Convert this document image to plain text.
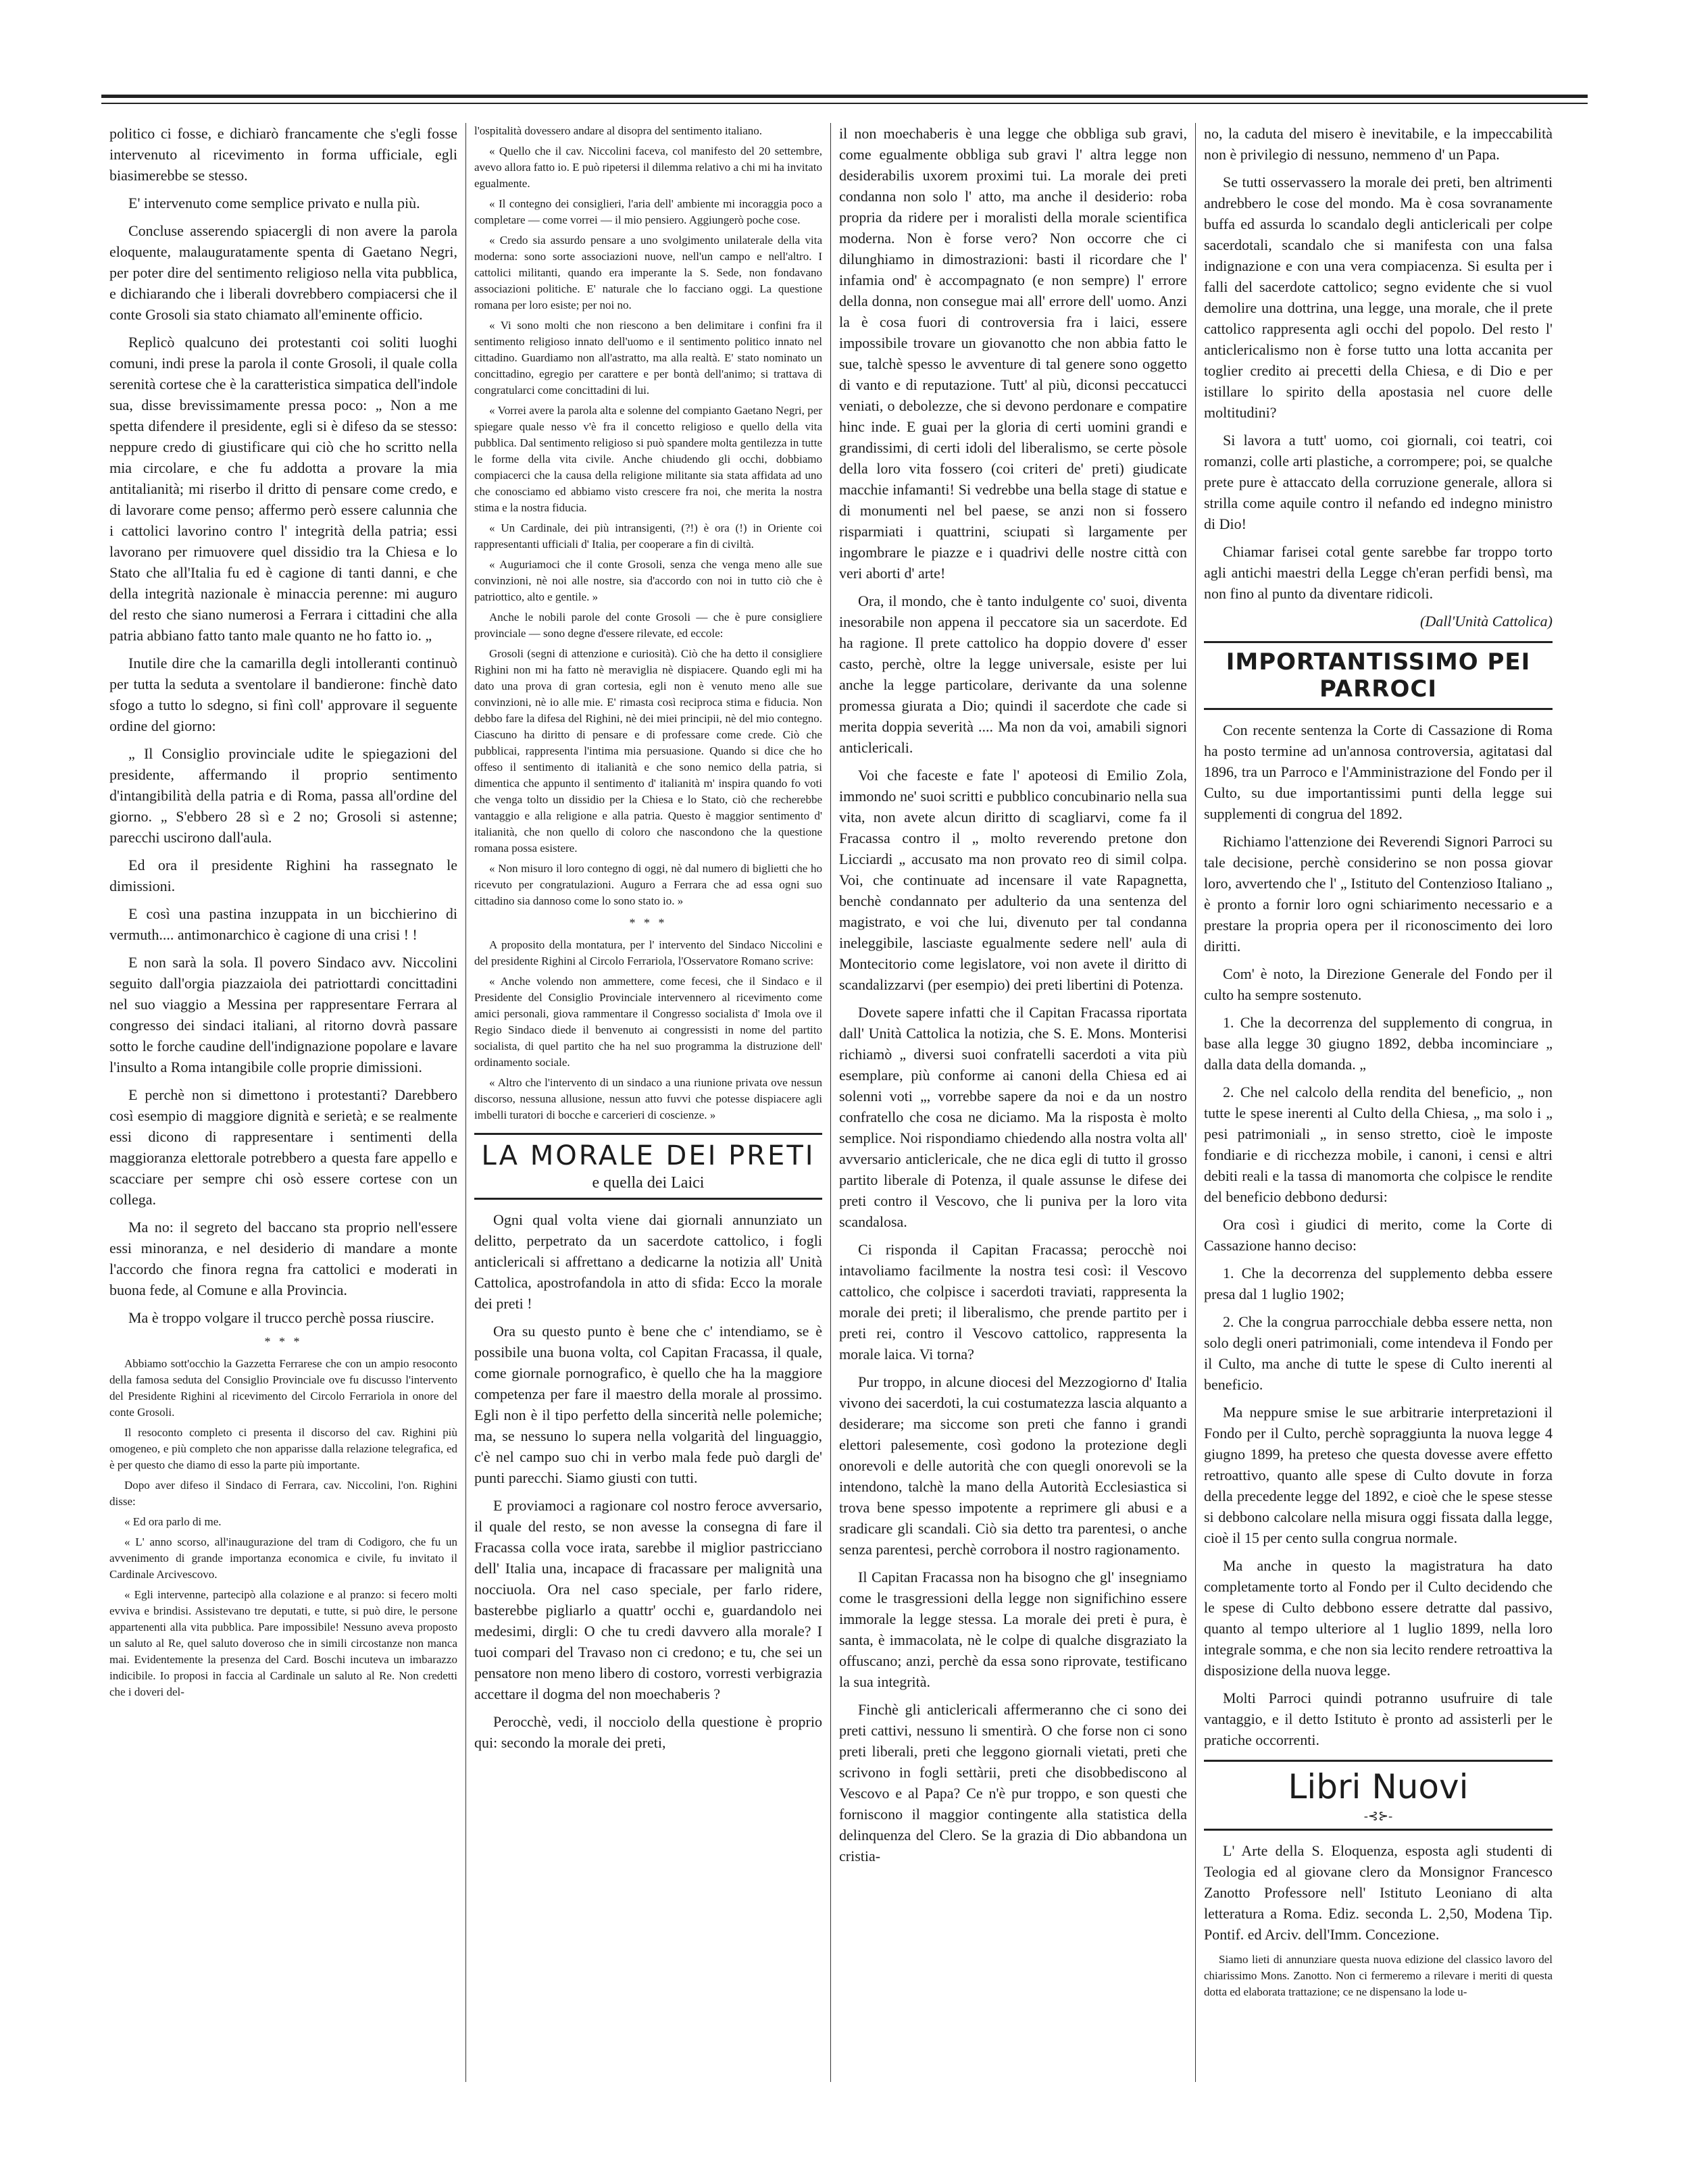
politico ci fosse, e dichiarò francamente che s'egli fosse intervenuto al ricevimento in forma ufficiale, egli biasimerebbe se stesso.

E' intervenuto come semplice privato e nulla più.

Concluse asserendo spiacergli di non avere la parola eloquente, malauguratamente spenta di Gaetano Negri, per poter dire del sentimento religioso nella vita pubblica, e dichiarando che i liberali dovrebbero compiacersi che il conte Grosoli sia stato chiamato all'eminente officio.

Replicò qualcuno dei protestanti coi soliti luoghi comuni, indi prese la parola il conte Grosoli, il quale colla serenità cortese che è la caratteristica simpatica dell'indole sua, disse brevissimamente pressa poco: „ Non a me spetta difendere il presidente, egli si è difeso da se stesso: neppure credo di giustificare qui ciò che ho scritto nella mia circolare, e che fu addotta a provare la mia antitalianità; mi riserbo il dritto di pensare come credo, e di lavorare come penso; affermo però essere calunnia che i cattolici lavorino contro l' integrità della patria; essi lavorano per rimuovere quel dissidio tra la Chiesa e lo Stato che all'Italia fu ed è cagione di tanti danni, e che della integrità nazionale è minaccia perenne: mi auguro del resto che siano numerosi a Ferrara i cittadini che alla patria abbiano fatto tanto male quanto ne ho fatto io. „

Inutile dire che la camarilla degli intolleranti continuò per tutta la seduta a sventolare il bandierone: finchè dato sfogo a tutto lo sdegno, si finì coll' approvare il seguente ordine del giorno:

„ Il Consiglio provinciale udite le spiegazioni del presidente, affermando il proprio sentimento d'intangibilità della patria e di Roma, passa all'ordine del giorno. „ S'ebbero 28 sì e 2 no; Grosoli si astenne; parecchi uscirono dall'aula.

Ed ora il presidente Righini ha rassegnato le dimissioni.

E così una pastina inzuppata in un bicchierino di vermuth.... antimonarchico è cagione di una crisi ! !

E non sarà la sola. Il povero Sindaco avv. Niccolini seguito dall'orgia piazzaiola dei patriottardi concittadini nel suo viaggio a Messina per rappresentare Ferrara al congresso dei sindaci italiani, al ritorno dovrà passare sotto le forche caudine dell'indignazione popolare e lavare l'insulto a Roma intangibile colle proprie dimissioni.

E perchè non si dimettono i protestanti? Darebbero così esempio di maggiore dignità e serietà; e se realmente essi dicono di rappresentare i sentimenti della maggioranza elettorale potrebbero a questa fare appello e scacciare per sempre chi osò essere cortese con un collega.

Ma no: il segreto del baccano sta proprio nell'essere essi minoranza, e nel desiderio di mandare a monte l'accordo che finora regna fra cattolici e moderati in buona fede, al Comune e alla Provincia.

Ma è troppo volgare il trucco perchè possa riuscire.

* * *

Abbiamo sott'occhio la Gazzetta Ferrarese che con un ampio resoconto della famosa seduta del Consiglio Provinciale ove fu discusso l'intervento del Presidente Righini al ricevimento del Circolo Ferrariola in onore del conte Grosoli.

Il resoconto completo ci presenta il discorso del cav. Righini più omogeneo, e più completo che non apparisse dalla relazione telegrafica, ed è per questo che diamo di esso la parte più importante.

Dopo aver difeso il Sindaco di Ferrara, cav. Niccolini, l'on. Righini disse:

« Ed ora parlo di me.

« L' anno scorso, all'inaugurazione del tram di Codigoro, che fu un avvenimento di grande importanza economica e civile, fu invitato il Cardinale Arcivescovo.

« Egli intervenne, partecipò alla colazione e al pranzo: si fecero molti evviva e brindisi. Assistevano tre deputati, e tutte, si può dire, le persone appartenenti alla vita pubblica. Pare impossibile! Nessuno aveva proposto un saluto al Re, quel saluto doveroso che in simili circostanze non manca mai. Evidentemente la presenza del Card. Boschi incuteva un imbarazzo indicibile. Io proposi in faccia al Cardinale un saluto al Re. Non credetti che i doveri del-

l'ospitalità dovessero andare al disopra del sentimento italiano.

« Quello che il cav. Niccolini faceva, col manifesto del 20 settembre, avevo allora fatto io. E può ripetersi il dilemma relativo a chi mi ha invitato egualmente.

« Il contegno dei consiglieri, l'aria dell' ambiente mi incoraggia poco a completare — come vorrei — il mio pensiero. Aggiungerò poche cose.

« Credo sia assurdo pensare a uno svolgimento unilaterale della vita moderna: sono sorte associazioni nuove, nell'un campo e nell'altro. I cattolici militanti, quando era imperante la S. Sede, non fondavano associazioni politiche. E' naturale che lo facciano oggi. La questione romana per loro esiste; per noi no.

« Vi sono molti che non riescono a ben delimitare i confini fra il sentimento religioso innato dell'uomo e il sentimento politico innato nel cittadino. Guardiamo non all'astratto, ma alla realtà. E' stato nominato un concittadino, egregio per carattere e per bontà dell'animo; si trattava di congratularci come concittadini di lui.

« Vorrei avere la parola alta e solenne del compianto Gaetano Negri, per spiegare quale nesso v'è fra il concetto religioso e quello della vita pubblica. Dal sentimento religioso si può spandere molta gentilezza in tutte le forme della vita civile. Anche chiudendo gli occhi, dobbiamo compiacerci che la causa della religione militante sia stata affidata ad uno che conosciamo ed abbiamo visto crescere fra noi, che merita la nostra stima e la nostra fiducia.

« Un Cardinale, dei più intransigenti, (?!) è ora (!) in Oriente coi rappresentanti ufficiali d' Italia, per cooperare a fin di civiltà.

« Auguriamoci che il conte Grosoli, senza che venga meno alle sue convinzioni, nè noi alle nostre, sia d'accordo con noi in tutto ciò che è patriottico, alto e gentile. »

Anche le nobili parole del conte Grosoli — che è pure consigliere provinciale — sono degne d'essere rilevate, ed eccole:

Grosoli (segni di attenzione e curiosità). Ciò che ha detto il consigliere Righini non mi ha fatto nè meraviglia nè dispiacere. Quando egli mi ha dato una prova di gran cortesia, egli non è venuto meno alle sue convinzioni, nè io alle mie. E' rimasta così reciproca stima e fiducia. Non debbo fare la difesa del Righini, nè dei miei principii, nè del mio contegno. Ciascuno ha diritto di pensare e di professare come crede. Ciò che pubblicai, rappresenta l'intima mia persuasione. Quando si dice che ho offeso il sentimento di italianità e che sono nemico della patria, si dimentica che appunto il sentimento d' italianità m' inspira quando fo voti che venga tolto un dissidio per la Chiesa e lo Stato, ciò che recherebbe vantaggio e alla religione e alla patria. Questo è maggior sentimento d' italianità, che non quello di coloro che nascondono che la questione romana possa esistere.

« Non misuro il loro contegno di oggi, nè dal numero di biglietti che ho ricevuto per congratulazioni. Auguro a Ferrara che ad essa ogni suo cittadino sia dannoso come lo sono stato io. »

* * *

A proposito della montatura, per l' intervento del Sindaco Niccolini e del presidente Righini al Circolo Ferrariola, l'Osservatore Romano scrive:

« Anche volendo non ammettere, come fecesi, che il Sindaco e il Presidente del Consiglio Provinciale intervennero al ricevimento come amici personali, giova rammentare il Congresso socialista d' Imola ove il Regio Sindaco diede il benvenuto ai congressisti in nome del partito socialista, di quel partito che ha nel suo programma la distruzione dell' ordinamento sociale.

« Altro che l'intervento di un sindaco a una riunione privata ove nessun discorso, nessuna allusione, nessun atto fuvvi che potesse dispiacere agli imbelli turatori di bocche e carcerieri di coscienze. »

LA MORALE DEI PRETI
e quella dei Laici

Ogni qual volta viene dai giornali annunziato un delitto, perpetrato da un sacerdote cattolico, i fogli anticlericali si affrettano a dedicarne la notizia all' Unità Cattolica, apostrofandola in atto di sfida: Ecco la morale dei preti !

Ora su questo punto è bene che c' intendiamo, se è possibile una buona volta, col Capitan Fracassa, il quale, come giornale pornografico, è quello che ha la maggiore competenza per fare il maestro della morale al prossimo. Egli non è il tipo perfetto della sincerità nelle polemiche; ma, se nessuno lo supera nella volgarità del linguaggio, c'è nel campo suo chi in verbo mala fede può dargli de' punti parecchi. Siamo giusti con tutti.

E proviamoci a ragionare col nostro feroce avversario, il quale del resto, se non avesse la consegna di fare il Fracassa colla voce irata, sarebbe il miglior pastricciano dell' Italia una, incapace di fracassare per malignità una nocciuola. Ora nel caso speciale, per farlo ridere, basterebbe pigliarlo a quattr' occhi e, guardandolo nei medesimi, dirgli: O che tu credi davvero alla morale? I tuoi compari del Travaso non ci credono; e tu, che sei un pensatore non meno libero di costoro, vorresti verbigrazia accettare il dogma del non moechaberis ?

Perocchè, vedi, il nocciolo della questione è proprio qui: secondo la morale dei preti,

il non moechaberis è una legge che obbliga sub gravi, come egualmente obbliga sub gravi l' altra legge non desiderabilis uxorem proximi tui. La morale dei preti condanna non solo l' atto, ma anche il desiderio: roba propria da ridere per i moralisti della morale scientifica moderna. Non è forse vero? Non occorre che ci dilunghiamo in dimostrazioni: basti il ricordare che l' infamia ond' è accompagnato (e non sempre) l' errore della donna, non consegue mai all' errore dell' uomo. Anzi la è cosa fuori di controversia fra i laici, essere impossibile trovare un giovanotto che non abbia fatto le sue, talchè spesso le avventure di tal genere sono oggetto di vanto e di reputazione. Tutt' al più, diconsi peccatucci veniati, o debolezze, che si devono perdonare e compatire hinc inde. E guai per la gloria di certi uomini grandi e grandissimi, di certi idoli del liberalismo, se certe pòsole della loro vita fossero (coi criteri de' preti) giudicate macchie infamanti! Si vedrebbe una bella stage di statue e di monumenti nel bel paese, se anzi non si fossero risparmiati i quattrini, sciupati sì largamente per ingombrare le piazze e i quadrivi delle nostre città con veri aborti d' arte!

Ora, il mondo, che è tanto indulgente co' suoi, diventa inesorabile non appena il peccatore sia un sacerdote. Ed ha ragione. Il prete cattolico ha doppio dovere d' esser casto, perchè, oltre la legge universale, esiste per lui anche la legge particolare, derivante da una solenne promessa giurata a Dio; quindi il sacerdote che cade si merita doppia severità .... Ma non da voi, amabili signori anticlericali.

Voi che faceste e fate l' apoteosi di Emilio Zola, immondo ne' suoi scritti e pubblico concubinario nella sua vita, non avete alcun diritto di scagliarvi, come fa il Fracassa contro il „ molto reverendo pretone don Licciardi „ accusato ma non provato reo di simil colpa. Voi, che continuate ad incensare il vate Rapagnetta, benchè condannato per adulterio da una sentenza del magistrato, e voi che lui, divenuto per tal condanna ineleggibile, lasciaste egualmente sedere nell' aula di Montecitorio come legislatore, voi non avete il diritto di scandalizzarvi (per esempio) dei preti libertini di Potenza.

Dovete sapere infatti che il Capitan Fracassa riportata dall' Unità Cattolica la notizia, che S. E. Mons. Monterisi richiamò „ diversi suoi confratelli sacerdoti a vita più esemplare, più conforme ai canoni della Chiesa ed ai solenni voti „, vorrebbe sapere da noi e da un nostro confratello che cosa ne diciamo. Ma la risposta è molto semplice. Noi rispondiamo chiedendo alla nostra volta all' avversario anticlericale, che ne dica egli di tutto il grosso partito liberale di Potenza, il quale assunse le difese dei preti contro il Vescovo, che li puniva per la loro vita scandalosa.

Ci risponda il Capitan Fracassa; perocchè noi intavoliamo facilmente la nostra tesi così: il Vescovo cattolico, che colpisce i sacerdoti traviati, rappresenta la morale dei preti; il liberalismo, che prende partito per i preti rei, contro il Vescovo cattolico, rappresenta la morale laica. Vi torna?

Pur troppo, in alcune diocesi del Mezzogiorno d' Italia vivono dei sacerdoti, la cui costumatezza lascia alquanto a desiderare; ma siccome son preti che fanno i grandi elettori palesemente, così godono la protezione degli onorevoli e delle autorità che con quegli onorevoli se la intendono, talchè la mano della Autorità Ecclesiastica si trova bene spesso impotente a reprimere gli abusi e a sradicare gli scandali. Ciò sia detto tra parentesi, o anche senza parentesi, perchè corrobora il nostro ragionamento.

Il Capitan Fracassa non ha bisogno che gl' insegniamo come le trasgressioni della legge non significhino essere immorale la legge stessa. La morale dei preti è pura, è santa, è immacolata, nè le colpe di qualche disgraziato la offuscano; anzi, perchè da essa sono riprovate, testificano la sua integrità.

Finchè gli anticlericali affermeranno che ci sono dei preti cattivi, nessuno li smentirà. O che forse non ci sono preti liberali, preti che leggono giornali vietati, preti che scrivono in fogli settàrii, preti che disobbediscono al Vescovo e al Papa? Ce n'è pur troppo, e son questi che forniscono il maggior contingente alla statistica della delinquenza del Clero. Se la grazia di Dio abbandona un cristia-

no, la caduta del misero è inevitabile, e la impeccabilità non è privilegio di nessuno, nemmeno d' un Papa.

Se tutti osservassero la morale dei preti, ben altrimenti andrebbero le cose del mondo. Ma è cosa sovranamente buffa ed assurda lo scandalo degli anticlericali per colpe sacerdotali, scandalo che si manifesta con una falsa indignazione e con una vera compiacenza. Si esulta per i falli del sacerdote cattolico; segno evidente che si vuol demolire una dottrina, una legge, una morale, che il prete cattolico rappresenta agli occhi del popolo. Del resto l' anticlericalismo non è forse tutto una lotta accanita per toglier credito ai precetti della Chiesa, e di Dio e per istillare lo spirito della apostasia nel cuore delle moltitudini?

Si lavora a tutt' uomo, coi giornali, coi teatri, coi romanzi, colle arti plastiche, a corrompere; poi, se qualche prete pure è attaccato della corruzione generale, allora si strilla come aquile contro il nefando ed indegno ministro di Dio!

Chiamar farisei cotal gente sarebbe far troppo torto agli antichi maestri della Legge ch'eran perfidi bensì, ma non fino al punto da diventare ridicoli.

(Dall'Unità Cattolica)

IMPORTANTISSIMO PEI PARROCI

Con recente sentenza la Corte di Cassazione di Roma ha posto termine ad un'annosa controversia, agitatasi dal 1896, tra un Parroco e l'Amministrazione del Fondo per il Culto, su due importantissimi punti della legge sui supplementi di congrua del 1892.

Richiamo l'attenzione dei Reverendi Signori Parroci su tale decisione, perchè considerino se non possa giovar loro, avvertendo che l' „ Istituto del Contenzioso Italiano „ è pronto a fornir loro ogni schiarimento necessario e a prestare la propria opera per il riconoscimento dei loro diritti.

Com' è noto, la Direzione Generale del Fondo per il culto ha sempre sostenuto.

1. Che la decorrenza del supplemento di congrua, in base alla legge 30 giugno 1892, debba incominciare „ dalla data della domanda. „

2. Che nel calcolo della rendita del beneficio, „ non tutte le spese inerenti al Culto della Chiesa, „ ma solo i „ pesi patrimoniali „ in senso stretto, cioè le imposte fondiarie e di ricchezza mobile, i canoni, i censi e altri debiti reali e la tassa di manomorta che colpisce le rendite del beneficio debbono dedursi:

Ora così i giudici di merito, come la Corte di Cassazione hanno deciso:

1. Che la decorrenza del supplemento debba essere presa dal 1 luglio 1902;

2. Che la congrua parrocchiale debba essere netta, non solo degli oneri patrimoniali, come intendeva il Fondo per il Culto, ma anche di tutte le spese di Culto inerenti al beneficio.

Ma neppure smise le sue arbitrarie interpretazioni il Fondo per il Culto, perchè sopraggiunta la nuova legge 4 giugno 1899, ha preteso che questa dovesse avere effetto retroattivo, quanto alle spese di Culto dovute in forza della precedente legge del 1892, e cioè che le spese stesse si debbono calcolare nella misura oggi fissata dalla legge, cioè il 15 per cento sulla congrua normale.

Ma anche in questo la magistratura ha dato completamente torto al Fondo per il Culto decidendo che le spese di Culto debbono essere detratte dal passivo, quanto al tempo ulteriore al 1 luglio 1899, nella loro integrale somma, e che non sia lecito rendere retroattiva la disposizione della nuova legge.

Molti Parroci quindi potranno usufruire di tale vantaggio, e il detto Istituto è pronto ad assisterli per le pratiche occorrenti.

Libri Nuovi
-⊰⊱-

L' Arte della S. Eloquenza, esposta agli studenti di Teologia ed al giovane clero da Monsignor Francesco Zanotto Professore nell' Istituto Leoniano di alta letteratura a Roma. Ediz. seconda L. 2,50, Modena Tip. Pontif. ed Arciv. dell'Imm. Concezione.

Siamo lieti di annunziare questa nuova edizione del classico lavoro del chiarissimo Mons. Zanotto. Non ci fermeremo a rilevare i meriti di questa dotta ed elaborata trattazione; ce ne dispensano la lode u-
